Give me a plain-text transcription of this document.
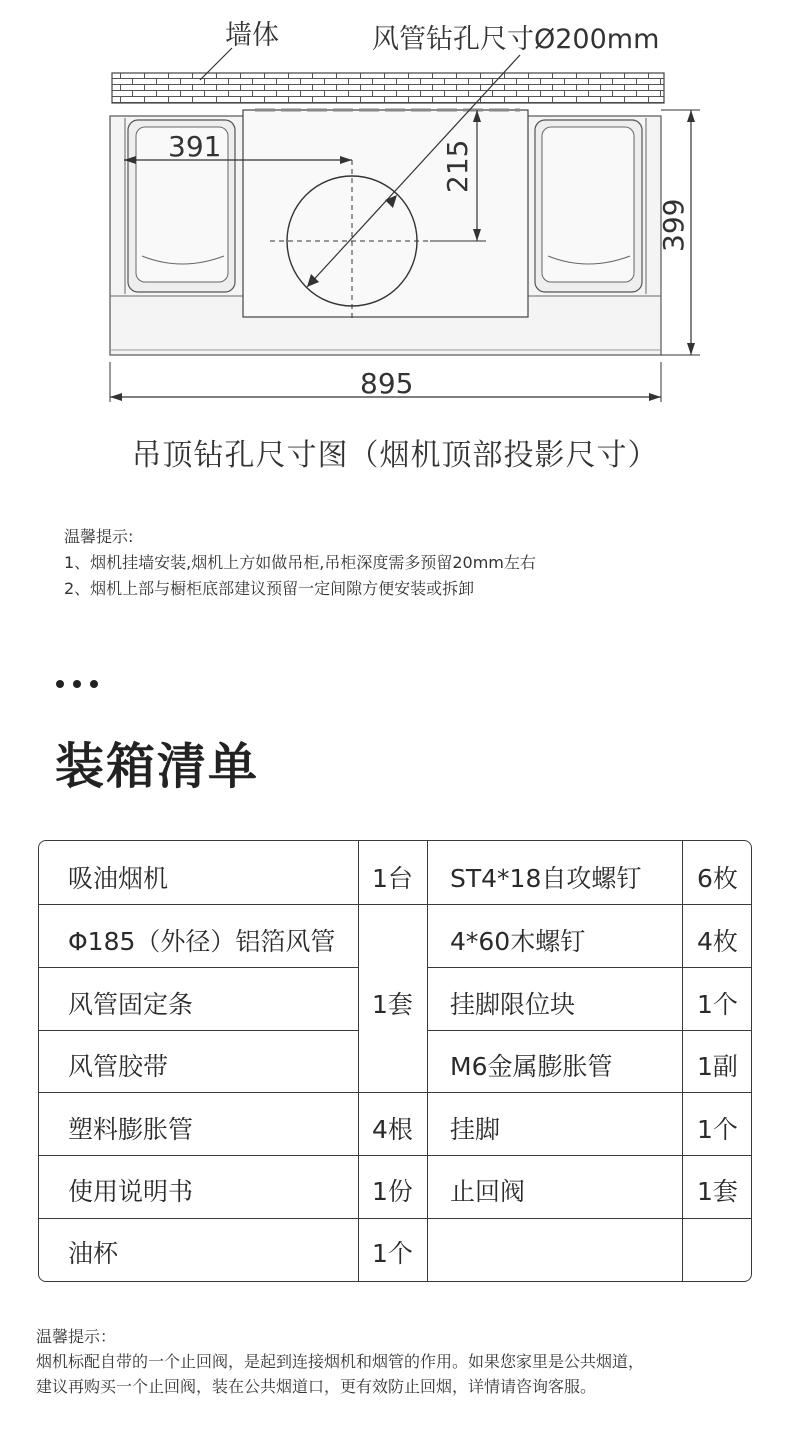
墙体	风管钻孔尺寸Ø200mm
391	215
399
895
吊顶钻孔尺寸图（烟机顶部投影尺寸）
温馨提示:
1、烟机挂墙安装,烟机上方如做吊柜,吊柜深度需多预留20mm左右
2、烟机上部与橱柜底部建议预留一定间隙方便安装或拆卸
装箱清单
吸油烟机	1台 ST4*18自攻螺钉 6枚
Φ185（外径）铝箔风管	4*60木螺钉	4枚
风管固定条	1套 挂脚限位块	1个
风管胶带	M6金属膨胀管	1副
塑料膨胀管	4根 挂脚	1个
使用说明书	1份 止回阀	1套
油杯	1个
温馨提示：
烟机标配自带的一个止回阀，是起到连接烟机和烟管的作用。如果您家里是公共烟道，
建议再购买一个止回阀，装在公共烟道口，更有效防止回烟，详情请咨询客服。
